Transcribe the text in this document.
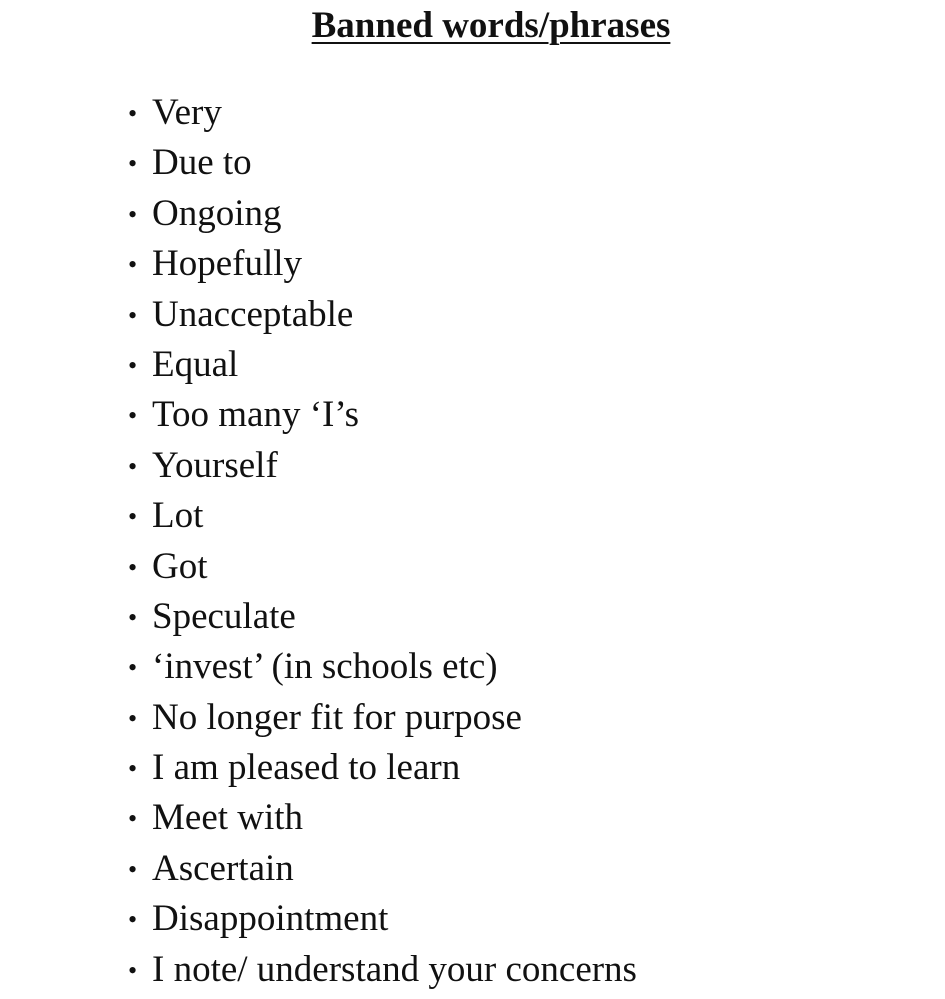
Banned words/phrases
• Very
• Due to
• Ongoing
• Hopefully
• Unacceptable
• Equal
• Too many ‘I’s
• Yourself
• Lot
• Got
• Speculate
• ‘invest’ (in schools etc)
• No longer fit for purpose
• I am pleased to learn
• Meet with
• Ascertain
• Disappointment
• I note/ understand your concerns
